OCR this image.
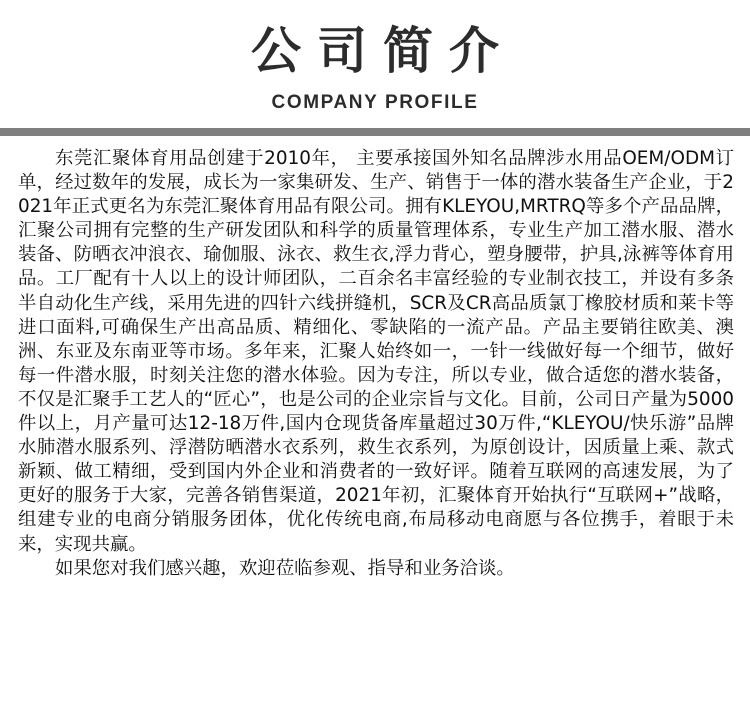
公司简介
COMPANY PROFILE

东莞汇聚体育用品创建于2010年， 主要承接国外知名品牌涉水用品OEM/ODM订单，经过数年的发展，成长为一家集研发、生产、销售于一体的潜水装备生产企业，于2021年正式更名为东莞汇聚体育用品有限公司。拥有KLEYOU,MRTRQ等多个产品品牌，汇聚公司拥有完整的生产研发团队和科学的质量管理体系，专业生产加工潜水服、潜水装备、防晒衣冲浪衣、瑜伽服、泳衣、救生衣,浮力背心，塑身腰带，护具,泳裤等体育用品。工厂配有十人以上的设计师团队，二百余名丰富经验的专业制衣技工，并设有多条半自动化生产线，采用先进的四针六线拼缝机，SCR及CR高品质氯丁橡胶材质和莱卡等进口面料,可确保生产出高品质、精细化、零缺陷的一流产品。产品主要销往欧美、澳洲、东亚及东南亚等市场。多年来，汇聚人始终如一，一针一线做好每一个细节，做好每一件潜水服，时刻关注您的潜水体验。因为专注，所以专业，做合适您的潜水装备，不仅是汇聚手工艺人的“匠心”，也是公司的企业宗旨与文化。目前，公司日产量为5000件以上，月产量可达12-18万件,国内仓现货备库量超过30万件,“KLEYOU/快乐游”品牌水肺潜水服系列、浮潜防晒潜水衣系列，救生衣系列，为原创设计，因质量上乘、款式新颖、做工精细，受到国内外企业和消费者的一致好评。随着互联网的高速发展，为了更好的服务于大家，完善各销售渠道，2021年初，汇聚体育开始执行“互联网+”战略，组建专业的电商分销服务团体，优化传统电商,布局移动电商愿与各位携手，着眼于未来，实现共赢。

如果您对我们感兴趣，欢迎莅临参观、指导和业务洽谈。
